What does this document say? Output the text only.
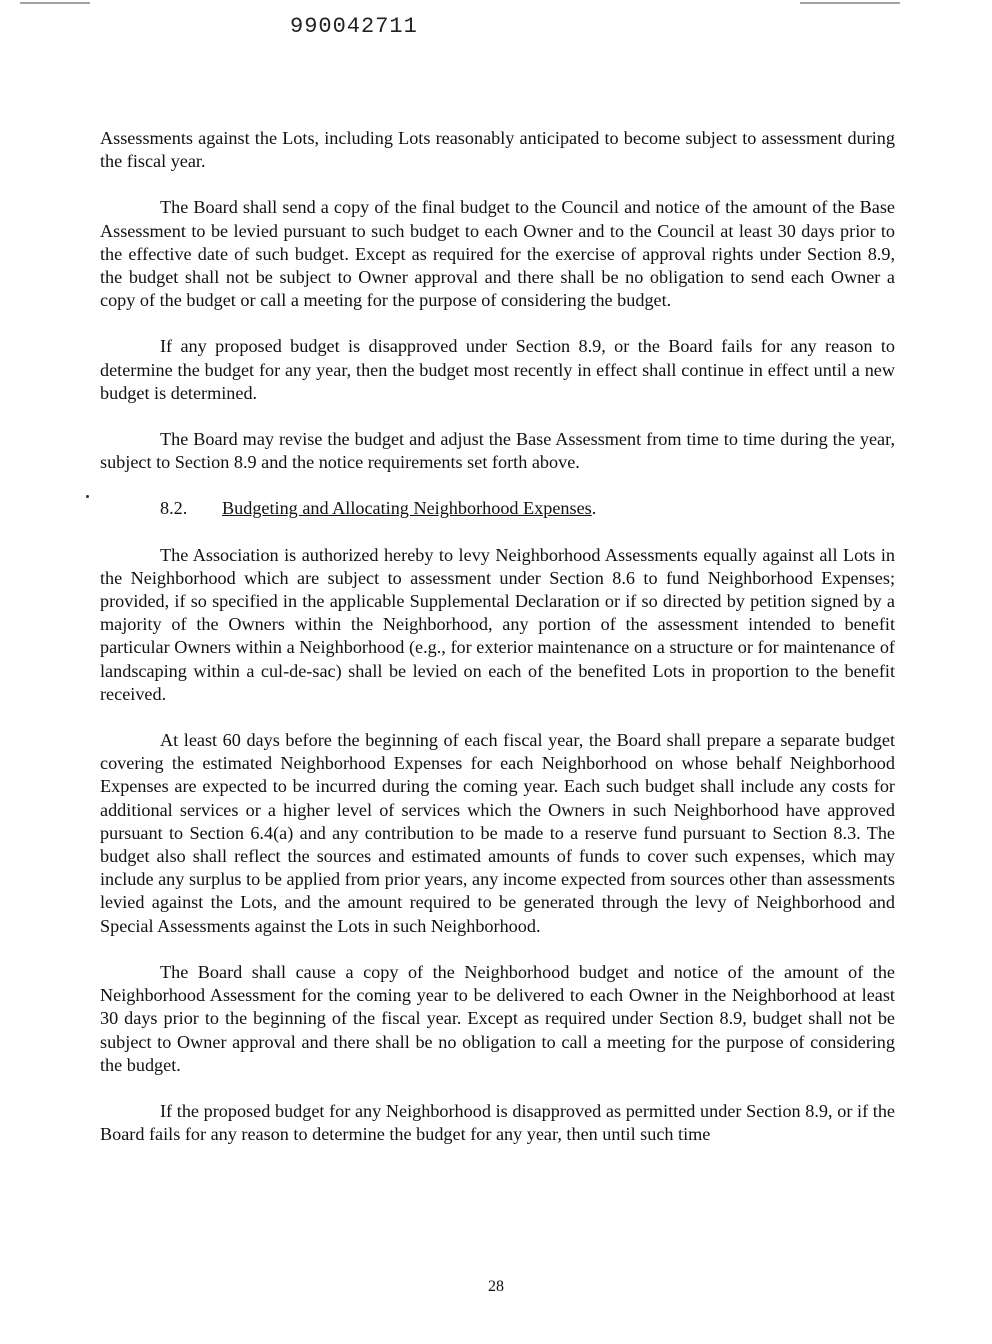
990042711

Assessments against the Lots, including Lots reasonably anticipated to become subject to assessment during the fiscal year.

The Board shall send a copy of the final budget to the Council and notice of the amount of the Base Assessment to be levied pursuant to such budget to each Owner and to the Council at least 30 days prior to the effective date of such budget. Except as required for the exercise of approval rights under Section 8.9, the budget shall not be subject to Owner approval and there shall be no obligation to send each Owner a copy of the budget or call a meeting for the purpose of considering the budget.

If any proposed budget is disapproved under Section 8.9, or the Board fails for any reason to determine the budget for any year, then the budget most recently in effect shall continue in effect until a new budget is determined.

The Board may revise the budget and adjust the Base Assessment from time to time during the year, subject to Section 8.9 and the notice requirements set forth above.

8.2. Budgeting and Allocating Neighborhood Expenses.

The Association is authorized hereby to levy Neighborhood Assessments equally against all Lots in the Neighborhood which are subject to assessment under Section 8.6 to fund Neighborhood Expenses; provided, if so specified in the applicable Supplemental Declaration or if so directed by petition signed by a majority of the Owners within the Neighborhood, any portion of the assessment intended to benefit particular Owners within a Neighborhood (e.g., for exterior maintenance on a structure or for maintenance of landscaping within a cul-de-sac) shall be levied on each of the benefited Lots in proportion to the benefit received.

At least 60 days before the beginning of each fiscal year, the Board shall prepare a separate budget covering the estimated Neighborhood Expenses for each Neighborhood on whose behalf Neighborhood Expenses are expected to be incurred during the coming year. Each such budget shall include any costs for additional services or a higher level of services which the Owners in such Neighborhood have approved pursuant to Section 6.4(a) and any contribution to be made to a reserve fund pursuant to Section 8.3. The budget also shall reflect the sources and estimated amounts of funds to cover such expenses, which may include any surplus to be applied from prior years, any income expected from sources other than assessments levied against the Lots, and the amount required to be generated through the levy of Neighborhood and Special Assessments against the Lots in such Neighborhood.

The Board shall cause a copy of the Neighborhood budget and notice of the amount of the Neighborhood Assessment for the coming year to be delivered to each Owner in the Neighborhood at least 30 days prior to the beginning of the fiscal year. Except as required under Section 8.9, budget shall not be subject to Owner approval and there shall be no obligation to call a meeting for the purpose of considering the budget.

If the proposed budget for any Neighborhood is disapproved as permitted under Section 8.9, or if the Board fails for any reason to determine the budget for any year, then until such time

28
